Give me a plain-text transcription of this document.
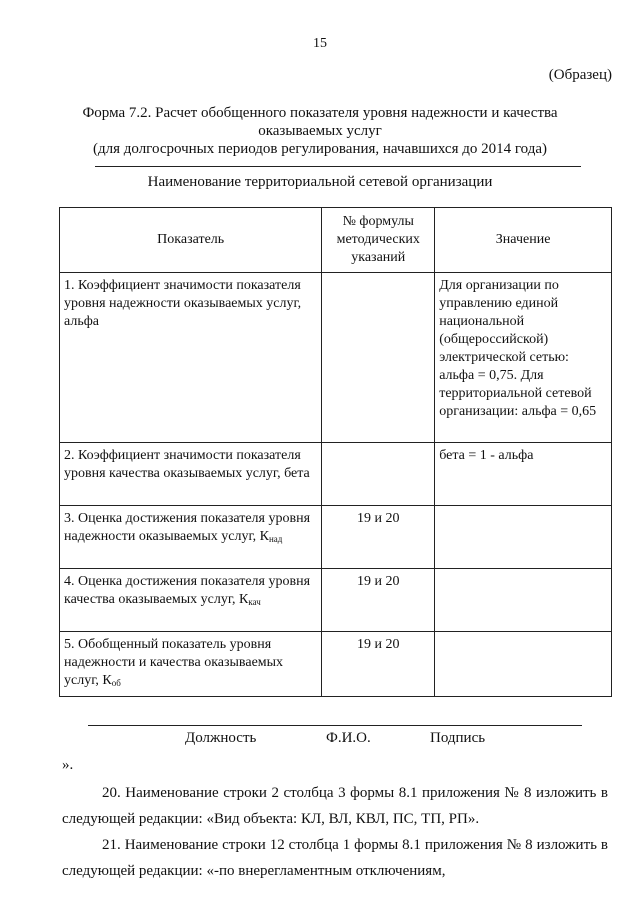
15
(Образец)
Форма 7.2. Расчет обобщенного показателя уровня надежности и качества
оказываемых услуг
(для долгосрочных периодов регулирования, начавшихся до 2014 года)
Наименование территориальной сетевой организации
Показатель	№ формулы методических указаний	Значение
1. Коэффициент значимости показателя уровня надежности оказываемых услуг, альфа		Для организации по управлению единой национальной (общероссийской) электрической сетью: альфа = 0,75. Для территориальной сетевой организации: альфа = 0,65
2. Коэффициент значимости показателя уровня качества оказываемых услуг, бета		бета = 1 - альфа
3. Оценка достижения показателя уровня надежности оказываемых услуг, $К_{над}$	19 и 20	
4. Оценка достижения показателя уровня качества оказываемых услуг, $К_{кач}$	19 и 20	
5. Обобщенный показатель уровня надежности и качества оказываемых услуг, $К_{об}$	19 и 20	
Должность	Ф.И.О.	Подпись
».
20. Наименование строки 2 столбца 3 формы 8.1 приложения № 8 изложить в следующей редакции: «Вид объекта: КЛ, ВЛ, КВЛ, ПС, ТП, РП».
21. Наименование строки 12 столбца 1 формы 8.1 приложения № 8 изложить в следующей редакции: «-по внерегламентным отключениям,
